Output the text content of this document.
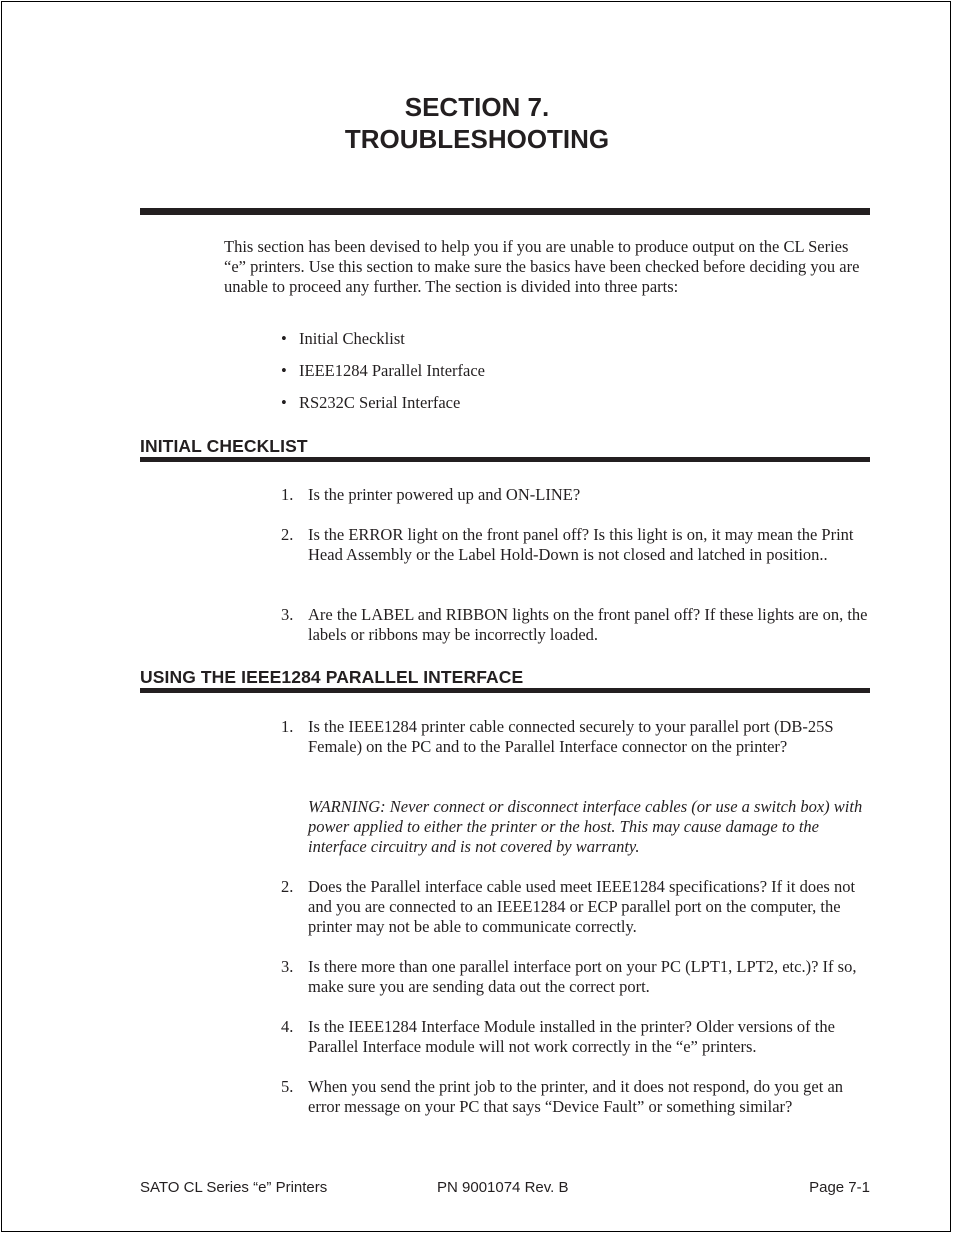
SECTION 7.
TROUBLESHOOTING

This section has been devised to help you if you are unable to produce output on the CL Series “e” printers. Use this section to make sure the basics have been checked before deciding you are unable to proceed any further. The section is divided into three parts:

• Initial Checklist

• IEEE1284 Parallel Interface

• RS232C Serial Interface

INITIAL CHECKLIST
1. Is the printer powered up and ON-LINE?
2. Is the ERROR light on the front panel off? Is this light is on, it may mean the Print Head Assembly or the Label Hold-Down is not closed and latched in position..
3. Are the LABEL and RIBBON lights on the front panel off? If these lights are on, the labels or ribbons may be incorrectly loaded.
USING THE IEEE1284 PARALLEL INTERFACE
1. Is the IEEE1284 printer cable connected securely to your parallel port (DB-25S Female) on the PC and to the Parallel Interface connector on the printer?

WARNING: Never connect or disconnect interface cables (or use a switch box) with power applied to either the printer or the host. This may cause damage to the interface circuitry and is not covered by warranty.

2. Does the Parallel interface cable used meet IEEE1284 specifications? If it does not and you are connected to an IEEE1284 or ECP parallel port on the computer, the printer may not be able to communicate correctly.
3. Is there more than one parallel interface port on your PC (LPT1, LPT2, etc.)? If so, make sure you are sending data out the correct port.
4. Is the IEEE1284 Interface Module installed in the printer? Older versions of the Parallel Interface module will not work correctly in the “e” printers.
5. When you send the print job to the printer, and it does not respond, do you get an error message on your PC that says “Device Fault” or something similar?

SATO CL Series “e” Printers	PN 9001074 Rev. B	Page 7-1
